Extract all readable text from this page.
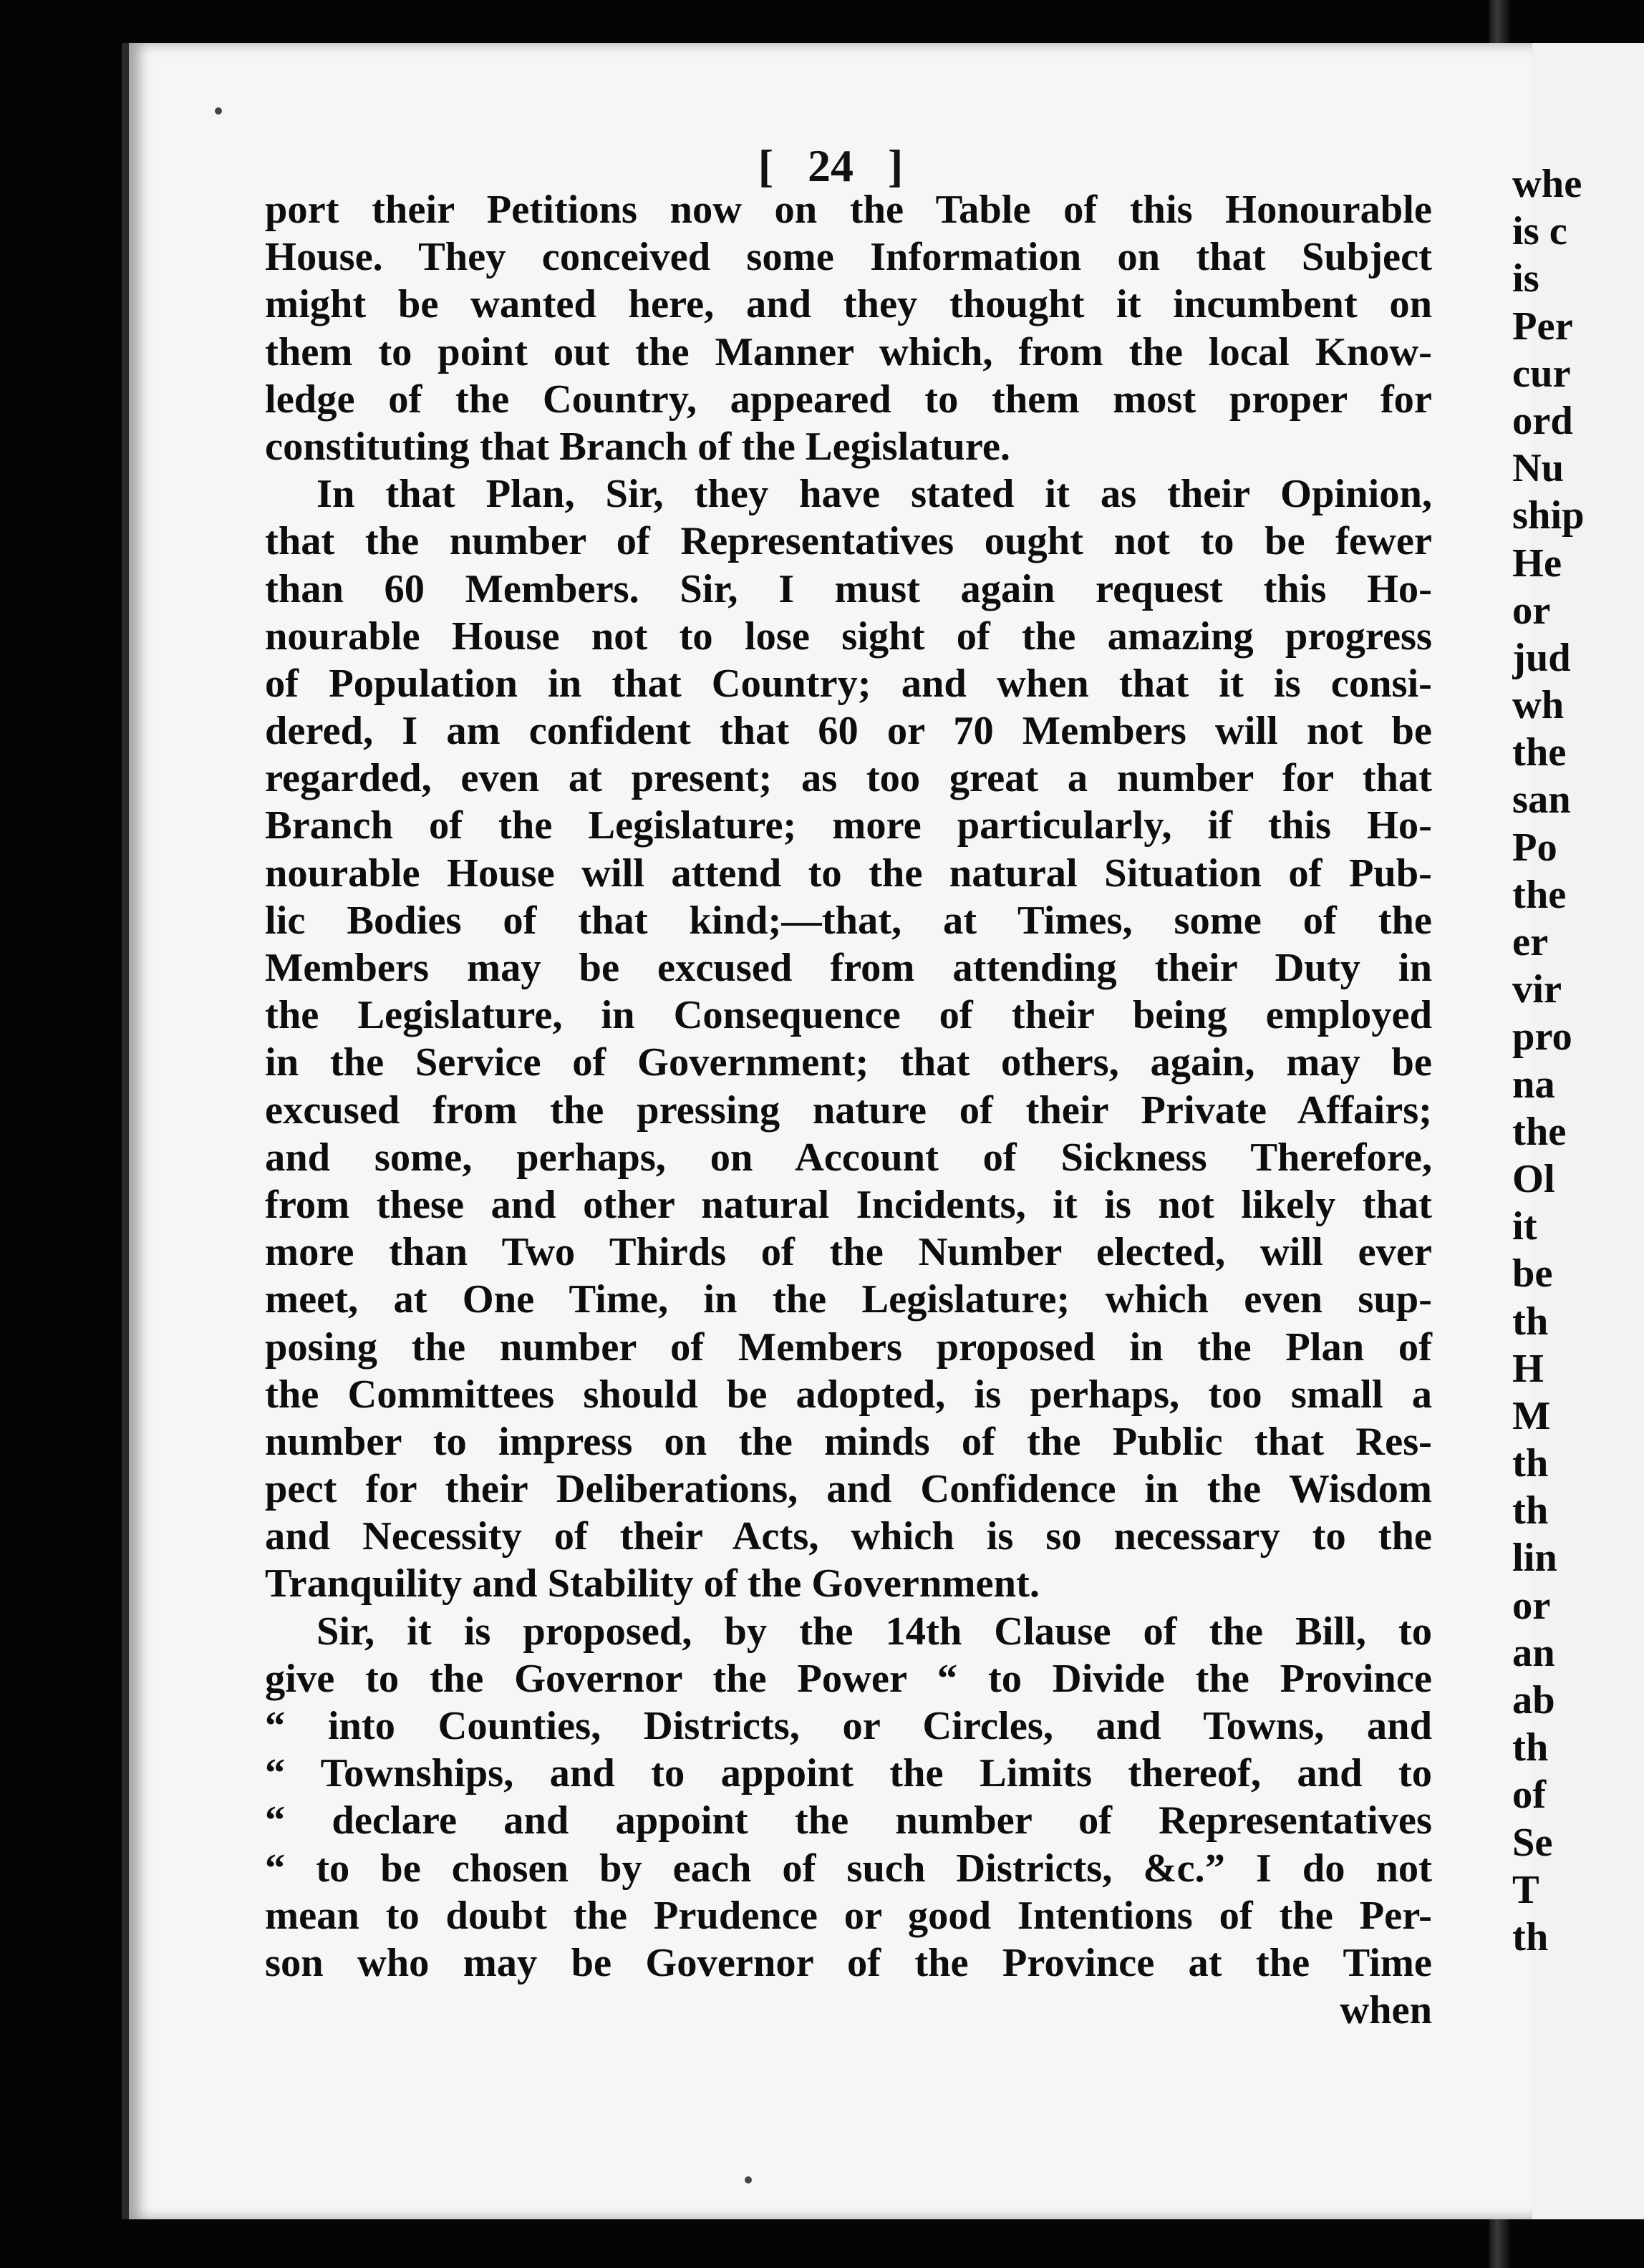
[ 24 ]
port their Petitions now on the Table of this Honourable
House. They conceived some Information on that Subject
might be wanted here, and they thought it incumbent on
them to point out the Manner which, from the local Know-
ledge of the Country, appeared to them most proper for
constituting that Branch of the Legislature.
In that Plan, Sir, they have stated it as their Opinion,
that the number of Representatives ought not to be fewer
than 60 Members. Sir, I must again request this Ho-
nourable House not to lose sight of the amazing progress
of Population in that Country; and when that it is consi-
dered, I am confident that 60 or 70 Members will not be
regarded, even at present; as too great a number for that
Branch of the Legislature; more particularly, if this Ho-
nourable House will attend to the natural Situation of Pub-
lic Bodies of that kind;—that, at Times, some of the
Members may be excused from attending their Duty in
the Legislature, in Consequence of their being employed
in the Service of Government; that others, again, may be
excused from the pressing nature of their Private Affairs;
and some, perhaps, on Account of Sickness Therefore,
from these and other natural Incidents, it is not likely that
more than Two Thirds of the Number elected, will ever
meet, at One Time, in the Legislature; which even sup-
posing the number of Members proposed in the Plan of
the Committees should be adopted, is perhaps, too small a
number to impress on the minds of the Public that Res-
pect for their Deliberations, and Confidence in the Wisdom
and Necessity of their Acts, which is so necessary to the
Tranquility and Stability of the Government.
Sir, it is proposed, by the 14th Clause of the Bill, to
give to the Governor the Power “ to Divide the Province
“ into Counties, Districts, or Circles, and Towns, and
“ Townships, and to appoint the Limits thereof, and to
“ declare and appoint the number of Representatives
“ to be chosen by each of such Districts, &c.” I do not
mean to doubt the Prudence or good Intentions of the Per-
son who may be Governor of the Province at the Time
when
whe
is c
is
Per
cur
ord
Nu
ship
He
or
jud
wh
the
san
Po
the
er
vir
pro
na
the
Ol
it
be
th
H
M
th
th
lin
or
an
ab
th
of
Se
T
th
